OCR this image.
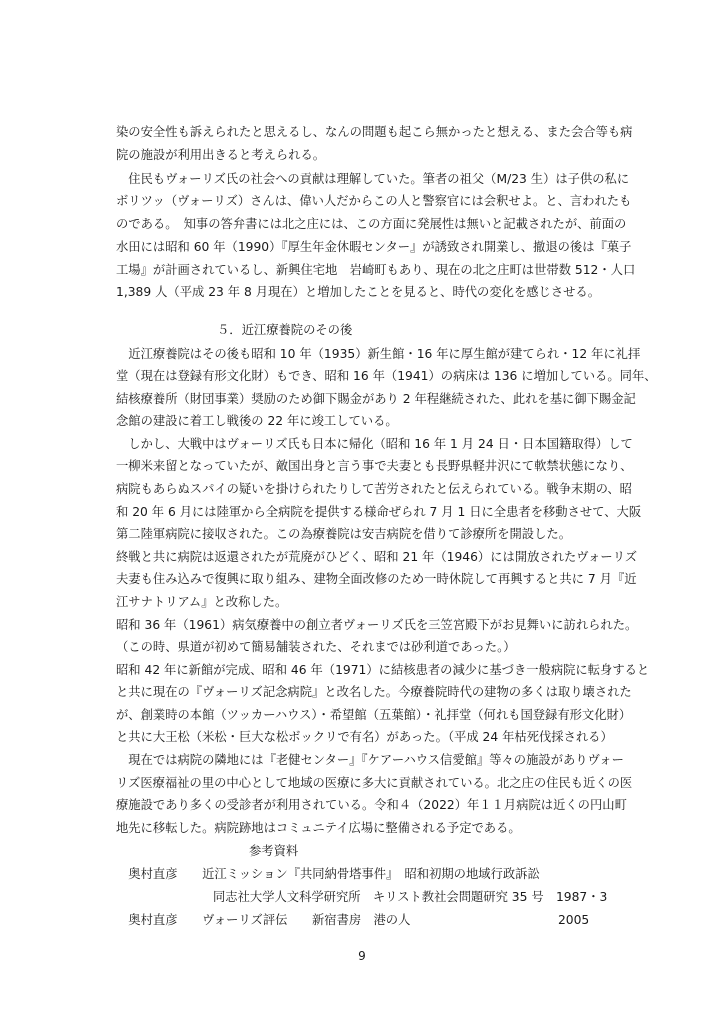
染の安全性も訴えられたと思えるし、なんの問題も起こら無かったと想える、また会合等も病
院の施設が利用出きると考えられる。
　住民もヴォーリズ氏の社会への貢献は理解していた。筆者の祖父（M/23 生）は子供の私に
ボリツッ（ヴォーリズ）さんは、偉い人だからこの人と警察官には会釈せよ。と、言われたも
のである。　知事の答弁書には北之庄には、この方面に発展性は無いと記載されたが、前面の
水田には昭和 60 年（1990）『厚生年金休暇センター』が誘致され開業し、撤退の後は『菓子
工場』が計画されているし、新興住宅地　岩崎町もあり、現在の北之庄町は世帯数 512・人口
1,389 人（平成 23 年 8 月現在）と増加したことを見ると、時代の変化を感じさせる。
５．近江療養院のその後
　近江療養院はその後も昭和 10 年（1935）新生館・16 年に厚生館が建てられ・12 年に礼拝
堂（現在は登録有形文化財）もでき、昭和 16 年（1941）の病床は 136 に増加している。同年、
結核療養所（財団事業）奨励のため御下賜金があり 2 年程継続された、此れを基に御下賜金記
念館の建設に着工し戦後の 22 年に竣工している。
　しかし、大戦中はヴォーリズ氏も日本に帰化（昭和 16 年 1 月 24 日・日本国籍取得）して
一柳米来留となっていたが、敵国出身と言う事で夫妻とも長野県軽井沢にて軟禁状態になり、
病院もあらぬスパイの疑いを掛けられたりして苦労されたと伝えられている。戦争末期の、昭
和 20 年 6 月には陸軍から全病院を提供する様命ぜられ 7 月 1 日に全患者を移動させて、大阪
第二陸軍病院に接収された。この為療養院は安吉病院を借りて診療所を開設した。
終戦と共に病院は返還されたが荒廃がひどく、昭和 21 年（1946）には開放されたヴォーリズ
夫妻も住み込みで復興に取り組み、建物全面改修のため一時休院して再興すると共に 7 月『近
江サナトリアム』と改称した。
昭和 36 年（1961）病気療養中の創立者ヴォーリズ氏を三笠宮殿下がお見舞いに訪れられた。
（この時、県道が初めて簡易舗装された、それまでは砂利道であった。）
昭和 42 年に新館が完成、昭和 46 年（1971）に結核患者の減少に基づき一般病院に転身すると
と共に現在の『ヴォーリズ記念病院』と改名した。今療養院時代の建物の多くは取り壊された
が、創業時の本館（ツッカーハウス）・希望館（五葉館）・礼拝堂（何れも国登録有形文化財）
と共に大王松（米松・巨大な松ボックリで有名）があった。（平成 24 年枯死伐採される）
　現在では病院の隣地には『老健センター』『ケアーハウス信愛館』等々の施設がありヴォー
リズ医療福祉の里の中心として地域の医療に多大に貢献されている。北之庄の住民も近くの医
療施設であり多くの受診者が利用されている。令和４（2022）年１１月病院は近くの円山町
地先に移転した。病院跡地はコミュニテイ広場に整備される予定である。
参考資料
　奥村直彦　　近江ミッション『共同納骨塔事件』　昭和初期の地域行政訴訟
同志社大学人文科学研究所　キリスト教社会問題研究 35 号　1987・3
　奥村直彦　　ヴォーリズ評伝　　新宿書房　港の人　　　　　　　　　　　　2005
9
